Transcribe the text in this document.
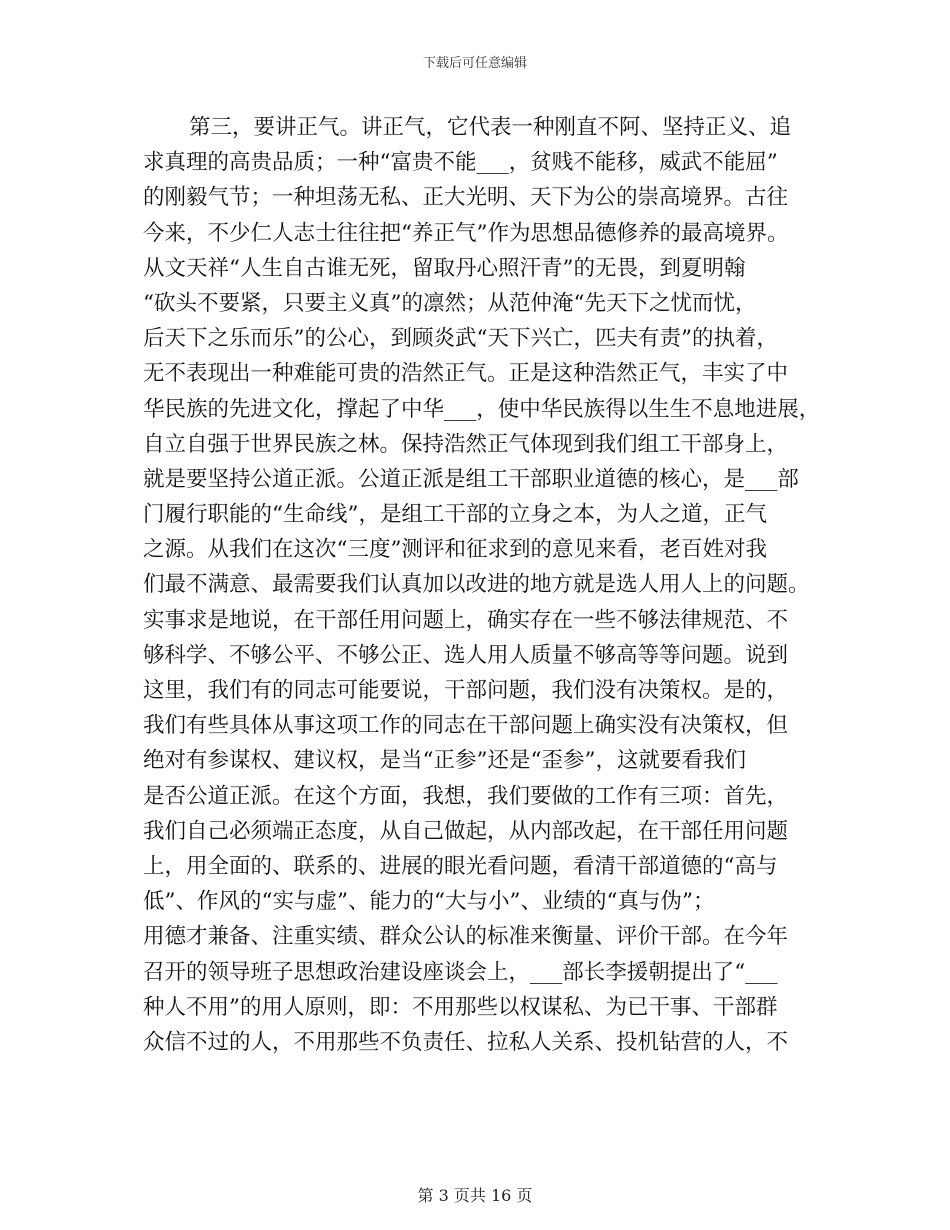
下载后可任意编辑
第三，要讲正气。讲正气，它代表一种刚直不阿、坚持正义、追
求真理的高贵品质；一种“富贵不能___，贫贱不能移，威武不能屈”
的刚毅气节；一种坦荡无私、正大光明、天下为公的崇高境界。古往
今来，不少仁人志士往往把“养正气”作为思想品德修养的最高境界。
从文天祥“人生自古谁无死，留取丹心照汗青”的无畏，到夏明翰
“砍头不要紧，只要主义真”的凛然；从范仲淹“先天下之忧而忧，
后天下之乐而乐”的公心，到顾炎武“天下兴亡，匹夫有责”的执着，
无不表现出一种难能可贵的浩然正气。正是这种浩然正气，丰实了中
华民族的先进文化，撑起了中华___，使中华民族得以生生不息地进展，
自立自强于世界民族之林。保持浩然正气体现到我们组工干部身上，
就是要坚持公道正派。公道正派是组工干部职业道德的核心，是___部
门履行职能的“生命线”，是组工干部的立身之本，为人之道，正气
之源。从我们在这次“三度”测评和征求到的意见来看，老百姓对我
们最不满意、最需要我们认真加以改进的地方就是选人用人上的问题。
实事求是地说，在干部任用问题上，确实存在一些不够法律规范、不
够科学、不够公平、不够公正、选人用人质量不够高等等问题。说到
这里，我们有的同志可能要说，干部问题，我们没有决策权。是的，
我们有些具体从事这项工作的同志在干部问题上确实没有决策权，但
绝对有参谋权、建议权，是当“正参”还是“歪参”，这就要看我们
是否公道正派。在这个方面，我想，我们要做的工作有三项：首先，
我们自己必须端正态度，从自己做起，从内部改起，在干部任用问题
上，用全面的、联系的、进展的眼光看问题，看清干部道德的“高与
低”、作风的“实与虚”、能力的“大与小”、业绩的“真与伪”；
用德才兼备、注重实绩、群众公认的标准来衡量、评价干部。在今年
召开的领导班子思想政治建设座谈会上，___部长李援朝提出了“___
种人不用”的用人原则，即：不用那些以权谋私、为已干事、干部群
众信不过的人，不用那些不负责任、拉私人关系、投机钻营的人，不
第 3 页共 16 页
